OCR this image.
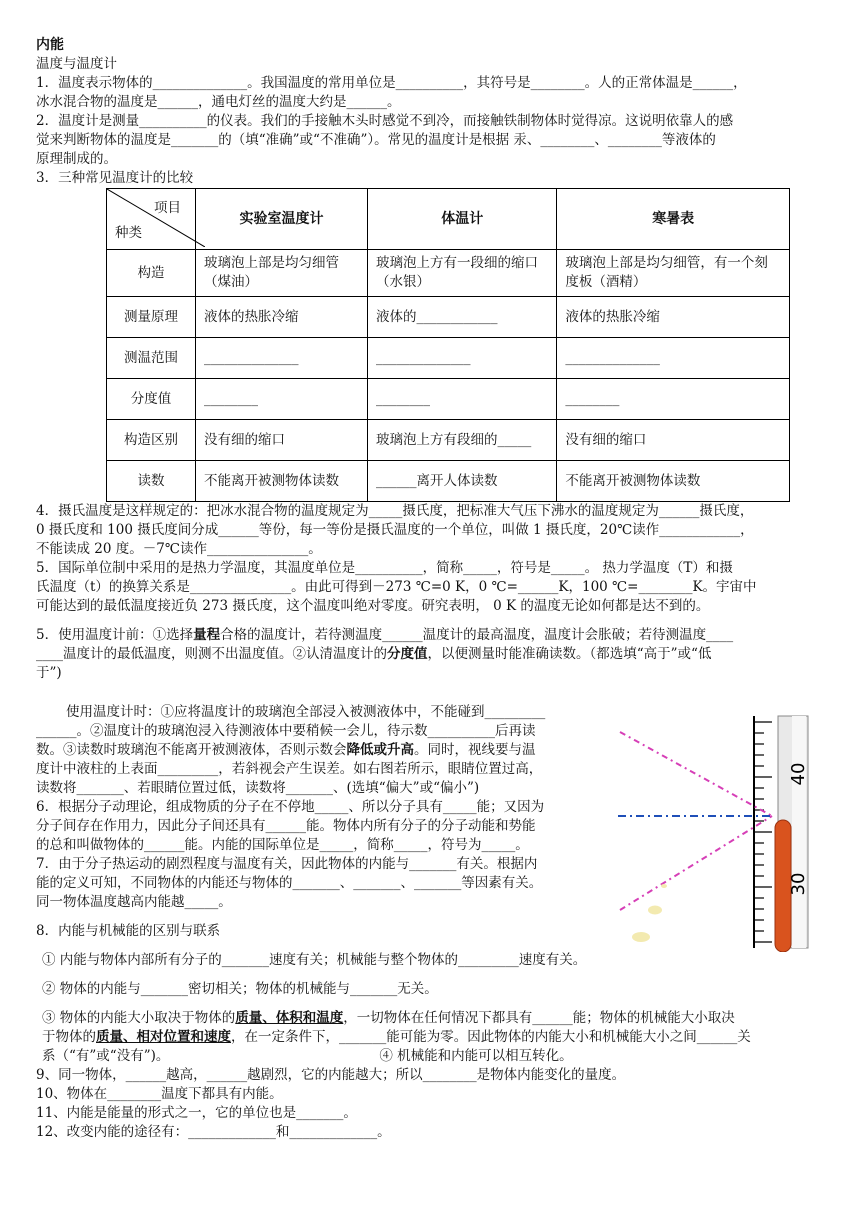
内能
温度与温度计
1．温度表示物体的______________。我国温度的常用单位是__________，其符号是________。人的正常体温是______，
冰水混合物的温度是______，通电灯丝的温度大约是______。
2．温度计是测量__________的仪表。我们的手接触木头时感觉不到冷，而接触铁制物体时觉得凉。这说明依靠人的感
觉来判断物体的温度是_______的（填“准确”或“不准确”）。常见的温度计是根据 汞、________、________等液体的
原理制成的。
3．三种常见温度计的比较
项目
种类	实验室温度计	体温计	寒暑表
构造	玻璃泡上部是均匀细管（煤油）	玻璃泡上方有一段细的缩口（水银）	玻璃泡上部是均匀细管，有一个刻度板（酒精）
测量原理	液体的热胀冷缩	液体的____________	液体的热胀冷缩
测温范围	______________	______________	______________
分度值	________	________	________
构造区别	没有细的缩口	玻璃泡上方有段细的_____	没有细的缩口
读数	不能离开被测物体读数	______离开人体读数	不能离开被测物体读数
4．摄氏温度是这样规定的：把冰水混合物的温度规定为_____摄氏度，把标准大气压下沸水的温度规定为______摄氏度，
0 摄氏度和 100 摄氏度间分成______等份，每一等份是摄氏温度的一个单位，叫做 1 摄氏度，20℃读作____________，
不能读成 20 度。－7℃读作_______________。
5．国际单位制中采用的是热力学温度，其温度单位是__________，简称_____，符号是_____。 热力学温度（T）和摄
氏温度（t）的换算关系是_______________。由此可得到－273 ℃=0 K，0 ℃=______K，100 ℃=________K。宇宙中
可能达到的最低温度接近负 273 摄氏度，这个温度叫绝对零度。研究表明， 0 K 的温度无论如何都是达不到的。
5．使用温度计前：①选择量程合格的温度计，若待测温度______温度计的最高温度，温度计会胀破；若待测温度____
____温度计的最低温度，则测不出温度值。②认清温度计的分度值，以便测量时能准确读数。（都选填“高于”或“低
于”)
使用温度计时：①应将温度计的玻璃泡全部浸入被测液体中，不能碰到_________
______。②温度计的玻璃泡浸入待测液体中要稍候一会儿，待示数__________后再读
数。③读数时玻璃泡不能离开被测液体，否则示数会降低或升高。同时，视线要与温
度计中液柱的上表面_________，若斜视会产生误差。如右图若所示，眼睛位置过高，
读数将_______、若眼睛位置过低，读数将_______、(选填“偏大”或“偏小”)
6．根据分子动理论，组成物质的分子在不停地_____、所以分子具有_____能；又因为
分子间存在作用力，因此分子间还具有______能。物体内所有分子的分子动能和势能
的总和叫做物体的______能。内能的国际单位是_____，简称_____，符号为_____。
7．由于分子热运动的剧烈程度与温度有关，因此物体的内能与_______有关。根据内
能的定义可知，不同物体的内能还与物体的_______、_______、_______等因素有关。
同一物体温度越高内能越_____。
8．内能与机械能的区别与联系
① 内能与物体内部所有分子的_______速度有关；机械能与整个物体的_________速度有关。
② 物体的内能与_______密切相关；物体的机械能与_______无关。
③ 物体的内能大小取决于物体的质量、体积和温度，一切物体在任何情况下都具有______能；物体的机械能大小取决
于物体的质量、相对位置和速度，在一定条件下，_______能可能为零。因此物体的内能大小和机械能大小之间______关
系（“有”或“没有”)。	④ 机械能和内能可以相互转化。
9、同一物体，______越高，______越剧烈，它的内能越大；所以________是物体内能变化的量度。
10、物体在________温度下都具有内能。
11、内能是能量的形式之一，它的单位也是_______。
12、改变内能的途径有：_____________和_____________。
40
30
